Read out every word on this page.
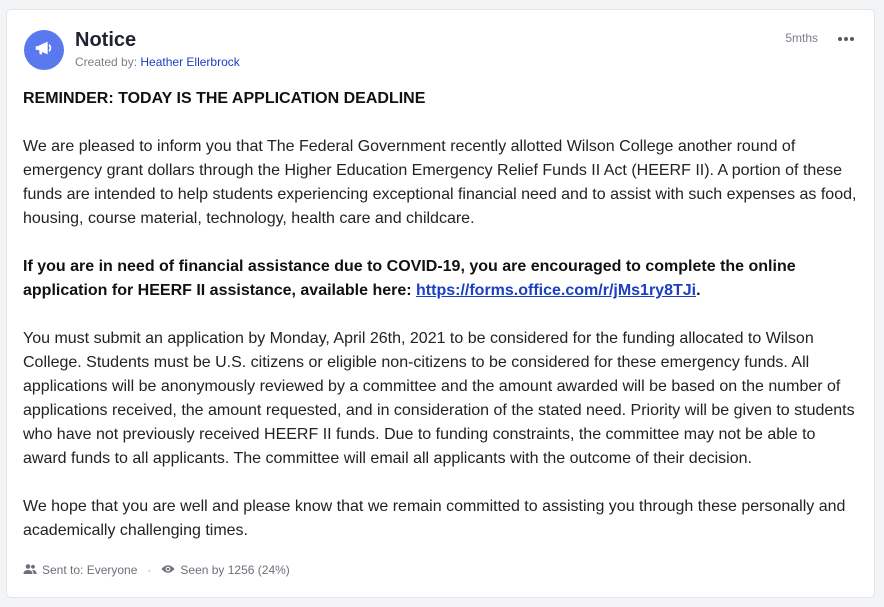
Notice
Created by: Heather Ellerbrock
5mths

REMINDER: TODAY IS THE APPLICATION DEADLINE

We are pleased to inform you that The Federal Government recently allotted Wilson College another round of emergency grant dollars through the Higher Education Emergency Relief Funds II Act (HEERF II). A portion of these funds are intended to help students experiencing exceptional financial need and to assist with such expenses as food, housing, course material, technology, health care and childcare.

If you are in need of financial assistance due to COVID-19, you are encouraged to complete the online application for HEERF II assistance, available here: https://forms.office.com/r/jMs1ry8TJi.

You must submit an application by Monday, April 26th, 2021 to be considered for the funding allocated to Wilson College. Students must be U.S. citizens or eligible non-citizens to be considered for these emergency funds. All applications will be anonymously reviewed by a committee and the amount awarded will be based on the number of applications received, the amount requested, and in consideration of the stated need. Priority will be given to students who have not previously received HEERF II funds. Due to funding constraints, the committee may not be able to award funds to all applicants. The committee will email all applicants with the outcome of their decision.

We hope that you are well and please know that we remain committed to assisting you through these personally and academically challenging times.

Sent to: Everyone · Seen by 1256 (24%)
